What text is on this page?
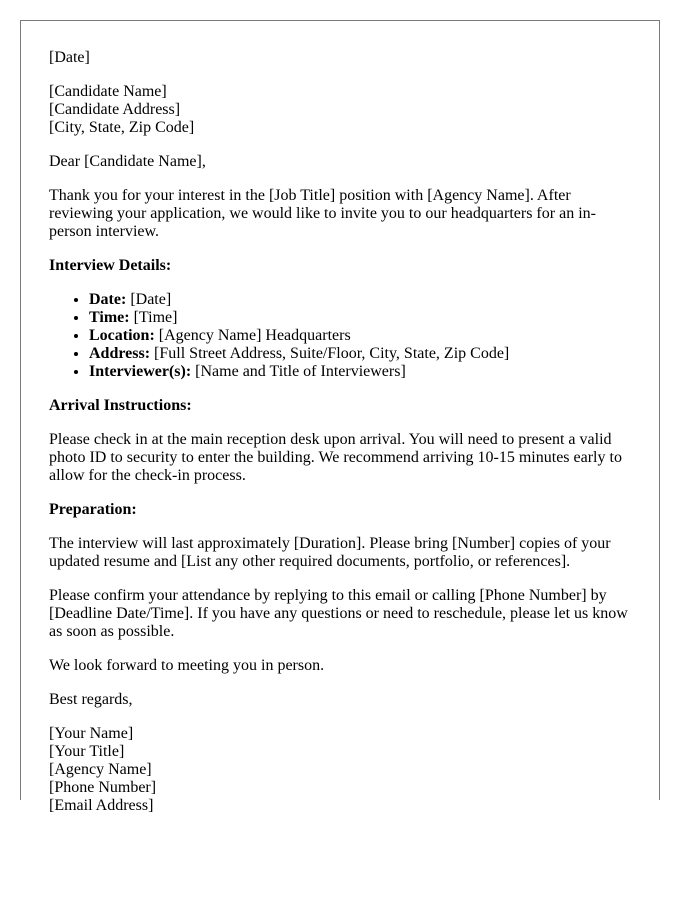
[Date]

[Candidate Name]
[Candidate Address]
[City, State, Zip Code]

Dear [Candidate Name],

Thank you for your interest in the [Job Title] position with [Agency Name]. After reviewing your application, we would like to invite you to our headquarters for an in-person interview.

Interview Details:
• Date: [Date]
• Time: [Time]
• Location: [Agency Name] Headquarters
• Address: [Full Street Address, Suite/Floor, City, State, Zip Code]
• Interviewer(s): [Name and Title of Interviewers]
Arrival Instructions:

Please check in at the main reception desk upon arrival. You will need to present a valid photo ID to security to enter the building. We recommend arriving 10-15 minutes early to allow for the check-in process.

Preparation:

The interview will last approximately [Duration]. Please bring [Number] copies of your updated resume and [List any other required documents, portfolio, or references].

Please confirm your attendance by replying to this email or calling [Phone Number] by [Deadline Date/Time]. If you have any questions or need to reschedule, please let us know as soon as possible.

We look forward to meeting you in person.

Best regards,

[Your Name]
[Your Title]
[Agency Name]
[Phone Number]
[Email Address]
